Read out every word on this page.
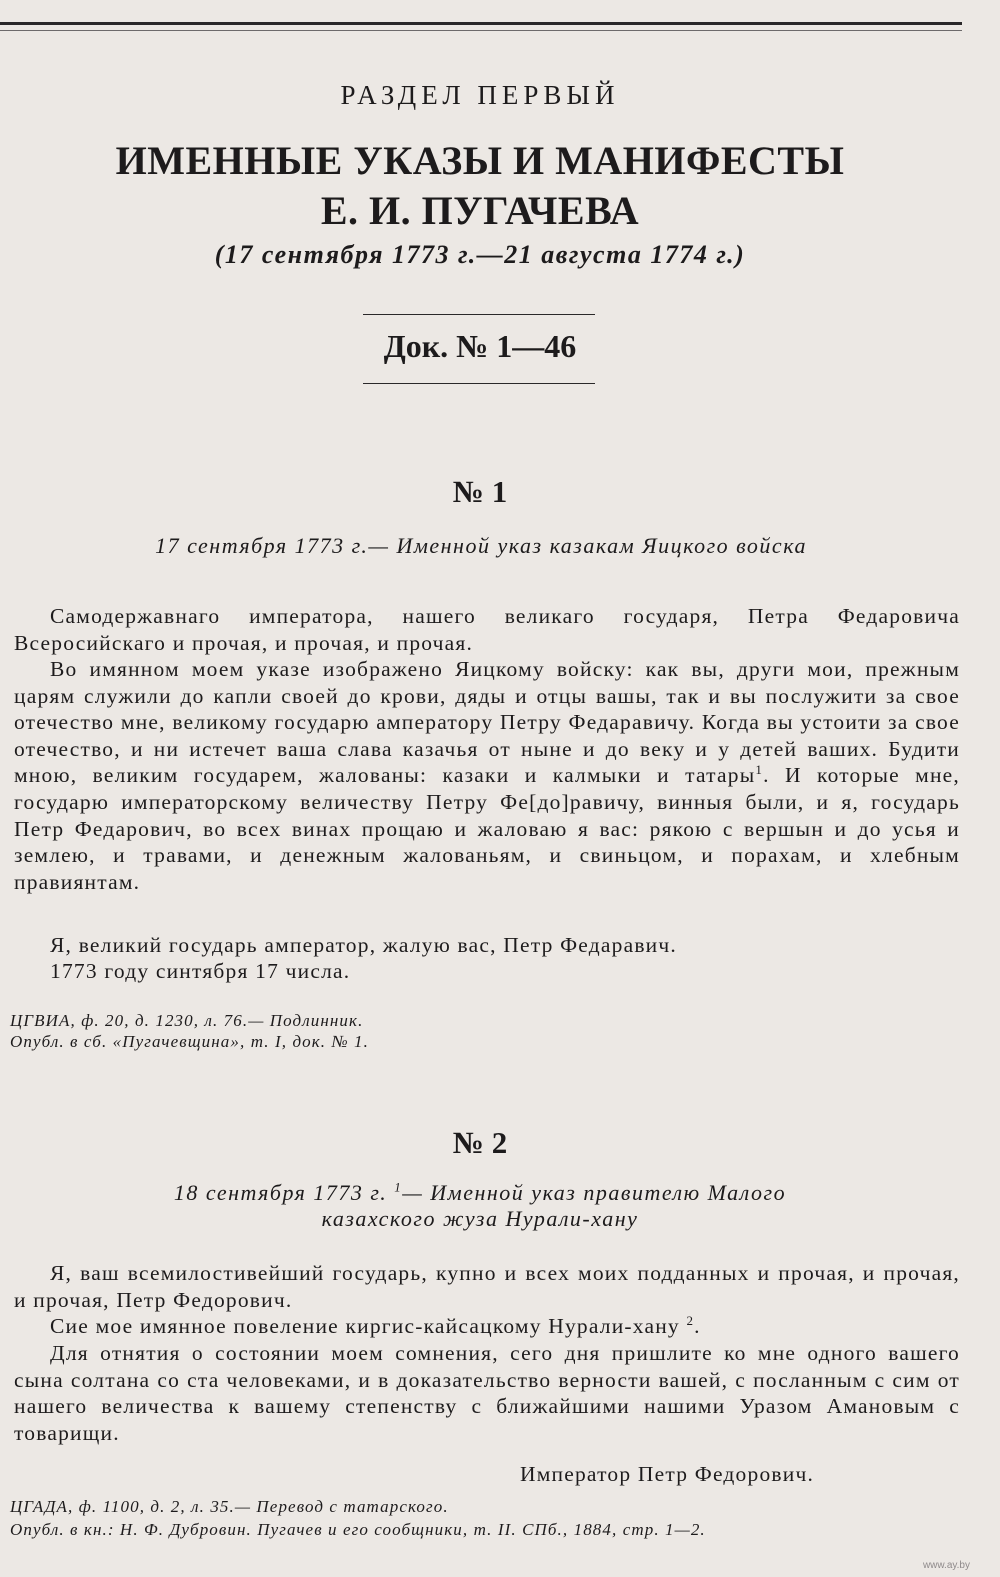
РАЗДЕЛ ПЕРВЫЙ
ИМЕННЫЕ УКАЗЫ И МАНИФЕСТЫ
Е. И. ПУГАЧЕВА
(17 сентября 1773 г.—21 августа 1774 г.)
Док. № 1—46
№ 1
17 сентября 1773 г.— Именной указ казакам Яицкого войска
Самодержавнаго императора, нашего великаго государя, Петра Федаровича Всеросийскаго и прочая, и прочая, и прочая.
Во имянном моем указе изображено Яицкому войску: как вы, други мои, прежным царям служили до капли своей до крови, дяды и отцы вашы, так и вы послужити за свое отечество мне, великому государю амператору Петру Федаравичу. Когда вы устоити за свое отечество, и ни истечет ваша слава казачья от ныне и до веку и у детей ваших. Будити мною, великим государем, жалованы: казаки и калмыки и татары$^1$. И которые мне, государю императорскому величеству Петру Фе[до]равичу, винныя были, и я, государь Петр Федарович, во всех винах прощаю и жаловаю я вас: рякою с вершын и до усья и землею, и травами, и денежным жалованьям, и свиньцом, и порахам, и хлебным правиянтам.
Я, великий государь амператор, жалую вас, Петр Федаравич.
1773 году синтября 17 числа.
ЦГВИА, ф. 20, д. 1230, л. 76.— Подлинник.
Опубл. в сб. «Пугачевщина», т. I, док. № 1.
№ 2
18 сентября 1773 г. $^1$— Именной указ правителю Малого
казахского жуза Нурали-хану
Я, ваш всемилостивейший государь, купно и всех моих подданных и прочая, и прочая, и прочая, Петр Федорович.
Сие мое имянное повеление киргис-кайсацкому Нурали-хану $^2$.
Для отнятия о состоянии моем сомнения, сего дня пришлите ко мне одного вашего сына солтана со ста человеками, и в доказательство верности вашей, с посланным с сим от нашего величества к вашему степенству с ближайшими нашими Уразом Амановым с товарищи.
Император Петр Федорович.
ЦГАДА, ф. 1100, д. 2, л. 35.— Перевод с татарского.
Опубл. в кн.: Н. Ф. Дубровин. Пугачев и его сообщники, т. II. СПб., 1884, стр. 1—2.
www.ay.by
